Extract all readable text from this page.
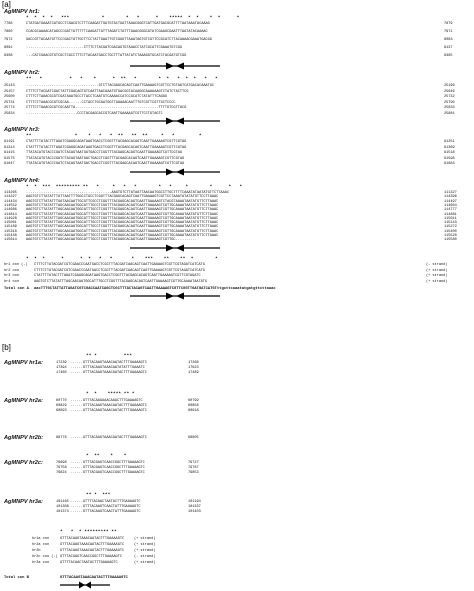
[a]
AgMNPV hr1:
*  *  *  *   ***            *        *   *      *    *****  *  *    *  *      *
7788	CTATGATGAAATCATGCCTCGACGTCTTTCAAGATTGATGTACTGATTAAACGGGTCATTGATGACGCATTTTAATAAATACAAAG	7879
7880	CCACGCAAAACATAGCCCGATTATTTTTCAAGATTATTTAGATCTATTTAAACGGGCATATCGAAGCGAATTTAATATACAAAAC	7971
7972	GACCGTTACAATGTTCCCGACTATTGCTTCCTATTGAATTGTCGGGTTAAATAGTGTCGTTCCGCATCTTACAAAACGAAATGACGG	8063
8091	...........................CTTTCTTACGATCGACAGTGTAAACCTATCGCATTCGAAATGTCGG	8137
8308	...CATCGAACGTGTCGCTCGCCTTTCTTACAATGACCTGCTTTATTATATCTAAAGGTGCATCTACGATGTCGG	8365
AgMNPV hr2:
**   *          *   *    *      *  **   *        *  *   *  *  *   *   *
25143	..................................GTCTTACGAGCACAGTCAATTGAAAAGTCGTTCCTGTAGTCATGACACAAATGC	25196
25157	CTTTCTTACGATCGACTATTCGACAGTGTCAATTAACAAATGTGACGGTACAAGGCAAAAAAGTCTATCTACTTCG	25649
25600	CTTTCTTAAACGCGTCGATAAATGCCTTACCTCAATGTCAAAACCATCCGCATCTATATTTCAGGG	25732
25731	CTTTCTTAAACGCGTCGCAA......CCTACCTGCAATGGTTGAAAACAATTTGTCGTTCGTTGCTCCCC	25790
25774	CTTTCTTAAACGCGTCGCAATTA.......................................TTTTGTCGTTACG	25833
25834	........................CCCTACGAGCACCGTCAATTGAAAAGTCGTTCCTGTAGTC	25881
AgMNPV hr3:
**                *    *   *   *  **   **  **     *   *         *
91191	CTATTTTATACTTTAGATCGAGGCAGATAAGTGACCTCGGTTTACGAGCACAGTCAATTGAAAAGTCGTTCGTAG	91251
91314	CTATTTTATACTTTAGATCGAGGCAGATAAGTGACCTCGGTTTACGAGCACAGTCAATTGAAAAGTCGTTCGTAG	91369
91415	TTATACATGTACCCGATCTACAGTAATGGTGACCTCGGTTTACGAGCACAGTCAATTGAAAAGTCGTTCGTAG	91518
91575	TTATACATGTACCCGATCTACAGTAATGACTGACCTCGGTTTACGAGCACAGTCAATTGAAAAGTCGTTCGTAG	91598
91647	TTATACATGTACCCGATCTACAGTAATGACTGACCTCGGTTTACGAGCACAGTCAATTGAAAAGTCGTTCGTAG	91683
AgMNPV hr4:
*  *  ***  ********* **   *     *   *   *        *   *     *        *      *   *
114265	........................................AAGTGTCTTATAATTAACAATGGCCTTGCTTTTCAAATATAATATGTTCTTAAAC	111327
114327	AAGTGTCTTATATTTATTAATTTTGGCCTGCCTCGGTTTACGAGCACAGTCAATTGAAAAGTCGTTCCTAAATATATATGTTCCTTAAAC	114396
114434	AAGTGTCTTATATTTGATAACAATTGCGTTCGCCTCGGTTTACGAGCACAGTCAATTGAAAAGTCTACGTAAAATAATATGTTCTTAAAC	114497
114552	AAGTGTCTTATATTTAGCAACAATGGCATTTGCCTCGGTTTACGAGCACAGTCAATTGAAAAGTCGTTGCAAAATAATATGTTCTTAAAC	114604
114686	AAGTGTCTTATATTTAGCAACAATGGCATTTGCCTCGGTTTACGAGCACAGTCAATTGAAAAGTCGTTGCAAAATAATATGTTCTTAAAC	114777
114814	AAGTGTCTTATATTTAGCAACAATGGCATTTGCCTCGGTTTACGAGCACAGTCAATTGAAAAGTCGTTGCAAAATAATATGTTCTTAAAC	114881
114928	AAGTGTCTTATATTTAGCAACAATGGCATTTGCCTCGGTTTACGAGCACAGTCAATTGAAAAGTCGTTGCAAAATAATATGTTCTTAAAC	115011
115061	AAGTGTCTTATATTTAGCAACAATGGCATTTGCCTCGGTTTACGAGCACAGTCAATTGAAAAGTCGTTGCAAAATAATATGTTCTTAAAC	115143
115189	AAGTGTCTTATATTTAGCAACAATGGCATTTGCCTCGGTTTACGAGCACAGTCAATTGAAAAGTCGTTGCAAAATAATATGTTCTTAAAC	115272
115318	AAGTGTCTTATATTTAGCAACAATGGCATTTGCCTCGGTTTACGAGCACAGTCAATTGAAAAGTCGTTGCAAAATAATATGTTCTTAAAC	115400
115448	AAGTGTCTTATATTTAGCAACAATGGCATTTGCCTCGGTTTACGAGCACAGTCAATTGAAAAGTCGTTGCAAAATAATATGTTCTTAAAC	115528
115614	AAGTGTCTTATATTTAGCAACAATGGCATTTGCCTCGGTTTACGAGCACAGTCAATTGAAAAGTCGTTGC..........	115580
*  *  *      *      *  *   *   *       *    ***    **    **  *        *
hr1 con (-) CTTTCTTATACGATCGTCGAACCCAATGACCTCGCTTTACGATCAACAGTCAATTGAAAAGTCGTTCGTAGATCATCATG	(- strand)
hr2 con	CTTTCTTATACGATCGTCGAACCCAATGACCTCGCTTTACGATCAACAGTCAATTGAAAAGTCGTTCGTAGATCATCATG	(+ strand)
hr3 con	CTATTTTATACTTTAGATCGAGGCAGATAAGTGACCTCGGTTTACGAGCACAGTCAATTGAAAAGTCGTTCGTAGATC	(+ strand)
hr4 con	AAGTGTCTTATATTTAGCAACAATGGCATTTGCCTCGGTTTACGAGCACAGTCAATTGAAAAGTCGTTGCAAAATAATATG	(+ strand)
Total con A aacTTTGCTATTATTAGATCGTCGACCAATCAGCTCGCTTTACTACAGTCAATTGAAAAGTCGTTCGGTTGATGATCATGTttgcttcaaatatgatgttcttaaac
[b]
AgMNPV hr1a:
** *          ***
17239 ......GTTTACAAGTAAACAATACTTTGAAAAGTC	17268
17394 ......GTTTACAAGTAAACAATATATTTGAAATC	17623
17460 ......GTTTACAAGTAAACAATACTTTGAAAAGTC	17489
AgMNPV hr2a:
*  *    ***** ** *
60770 ......GTTTACAAGAAACAAACTTTGAAAAGTC	60799
60829 ......GTTTACAAGTAAACAATACTTTGAAAAGTC	60858
60893 ......GTTTACAAGTAAACAATACTTTGAAAAGTC	60918
AgMNPV hr2b:	68776 ......GTTTACAAGTAAACAATACTTTGAAAAGTC	68805
AgMNPV hr2c:
*  **    *    *
79698 ......GTTTACGAGTCAACCGGCTTTGAAAAGTC	79727
79758 ......GTTTACGAGTCAACCGGCTTTGAAAAGTC	79787
79824 ......GTTTACGAGTCAACCGGCTTTGAAAAGTC	79853
AgMNPV hr3a:
** *  ***
101165 ......GTTTTACAACTAATACTTTGAAAAGTC	101194
101308 ......GTTTACAAGTCAACTATTTGAAAAGTC	101337
101374 ......GTTTACAAGTCAACTATTTGAAAAGTC	101403
*   *  * ********* **
hr1a con	GTTTACAAGTAAACAATACTTTGAAAAGTC	(+ strand)
hr2a con	GTTTACAAGTAAACAATACTTTGAAAAGTC	(+ strand)
hr2b	GTTTACAAGTAAACAATACTTTGAAAAGTC	(+ strand)
hr2c con (-) GTTTACGAGTCAACCGGCTTTGAAAAGTC	(- strand)
hr3a con	GTTTTACAACTAATACTTTGAAAAGTC	(+ strand)
Total con B	GTTTACAAGTAAACAATACTTTGAAAAGTC
